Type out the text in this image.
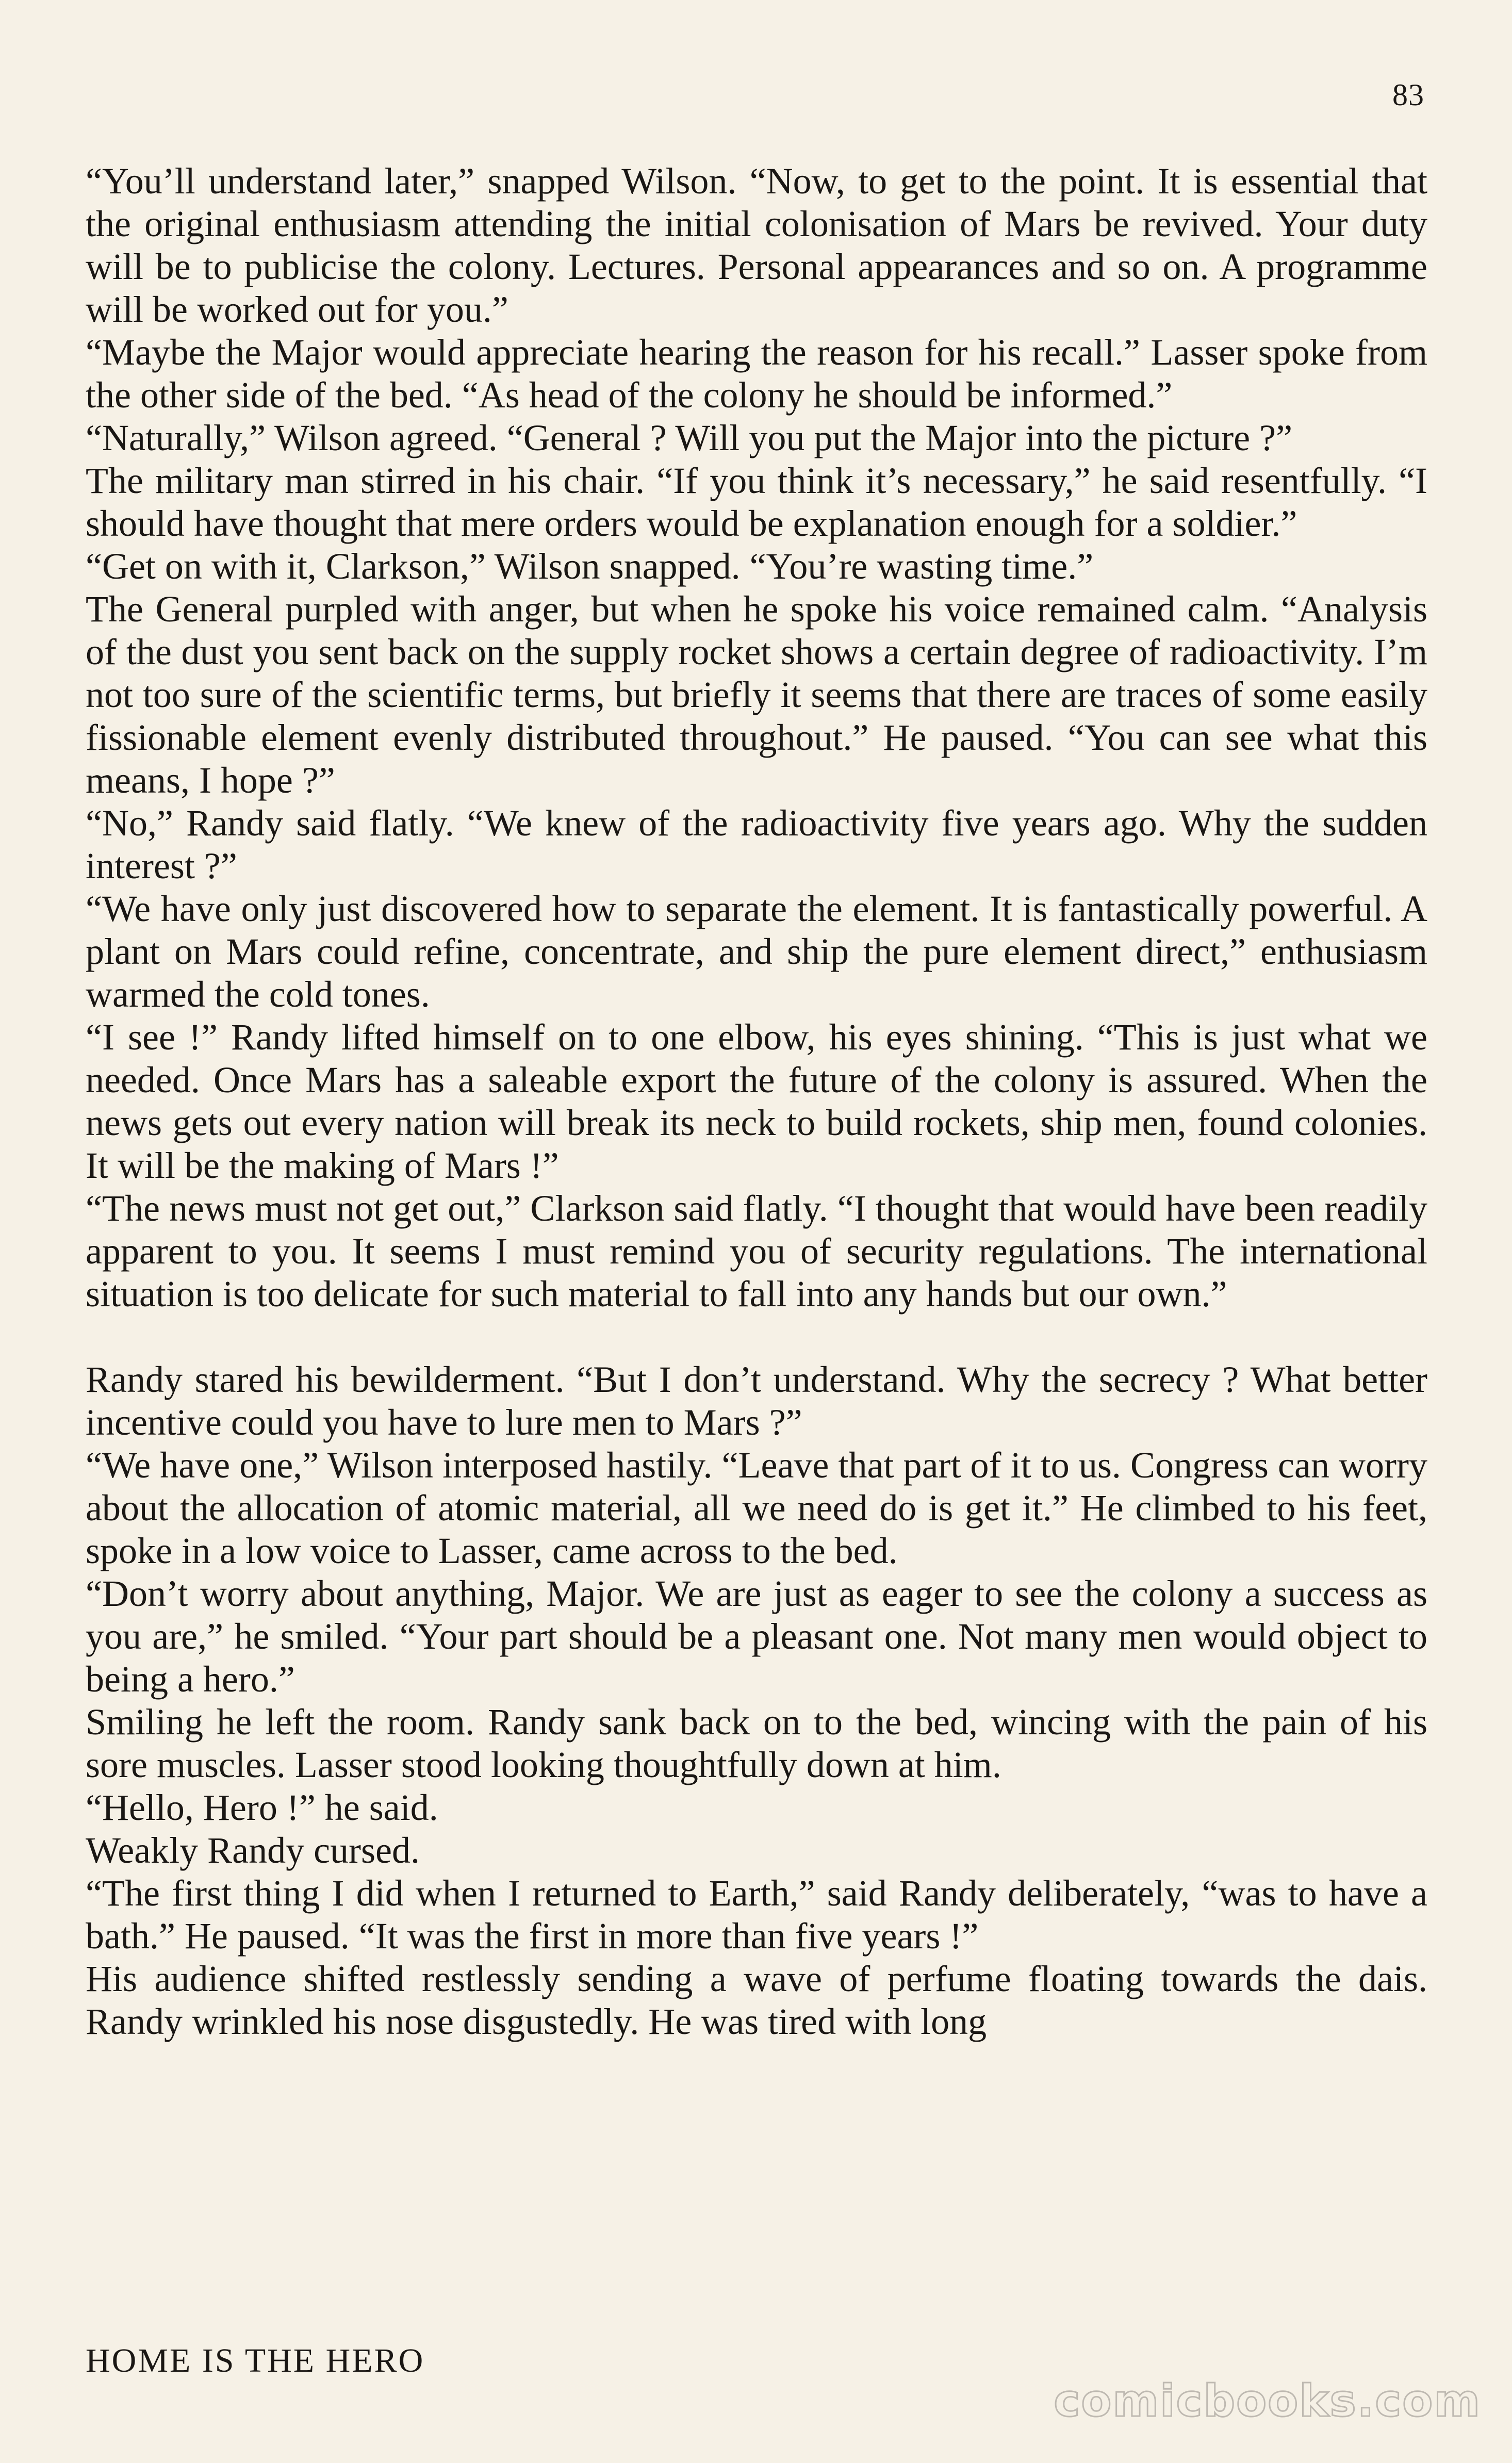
83

“You’ll understand later,” snapped Wilson. “Now, to get to the point. It is essential that the original enthusiasm attending the initial colonisation of Mars be revived. Your duty will be to publicise the colony. Lectures. Personal appearances and so on. A programme will be worked out for you.”

“Maybe the Major would appreciate hearing the reason for his recall.” Lasser spoke from the other side of the bed. “As head of the colony he should be informed.”

“Naturally,” Wilson agreed. “General ? Will you put the Major into the picture ?”

The military man stirred in his chair. “If you think it’s necessary,” he said resentfully. “I should have thought that mere orders would be explanation enough for a soldier.”

“Get on with it, Clarkson,” Wilson snapped. “You’re wasting time.”

The General purpled with anger, but when he spoke his voice remained calm. “Analysis of the dust you sent back on the supply rocket shows a certain degree of radioactivity. I’m not too sure of the scientific terms, but briefly it seems that there are traces of some easily fissionable element evenly distributed throughout.” He paused. “You can see what this means, I hope ?”

“No,” Randy said flatly. “We knew of the radioactivity five years ago. Why the sudden interest ?”

“We have only just discovered how to separate the element. It is fantastically powerful. A plant on Mars could refine, concentrate, and ship the pure element direct,” enthusiasm warmed the cold tones.

“I see !” Randy lifted himself on to one elbow, his eyes shining. “This is just what we needed. Once Mars has a saleable export the future of the colony is assured. When the news gets out every nation will break its neck to build rockets, ship men, found colonies. It will be the making of Mars !”

“The news must not get out,” Clarkson said flatly. “I thought that would have been readily apparent to you. It seems I must remind you of security regulations. The international situation is too delicate for such material to fall into any hands but our own.”

Randy stared his bewilderment. “But I don’t understand. Why the secrecy ? What better incentive could you have to lure men to Mars ?”

“We have one,” Wilson interposed hastily. “Leave that part of it to us. Congress can worry about the allocation of atomic material, all we need do is get it.” He climbed to his feet, spoke in a low voice to Lasser, came across to the bed.

“Don’t worry about anything, Major. We are just as eager to see the colony a success as you are,” he smiled. “Your part should be a pleasant one. Not many men would object to being a hero.”

Smiling he left the room. Randy sank back on to the bed, wincing with the pain of his sore muscles. Lasser stood looking thoughtfully down at him.

“Hello, Hero !” he said.

Weakly Randy cursed.

“The first thing I did when I returned to Earth,” said Randy deliberately, “was to have a bath.” He paused. “It was the first in more than five years !”

His audience shifted restlessly sending a wave of perfume floating towards the dais. Randy wrinkled his nose disgustedly. He was tired with long

HOME IS THE HERO
comicbooks.com
